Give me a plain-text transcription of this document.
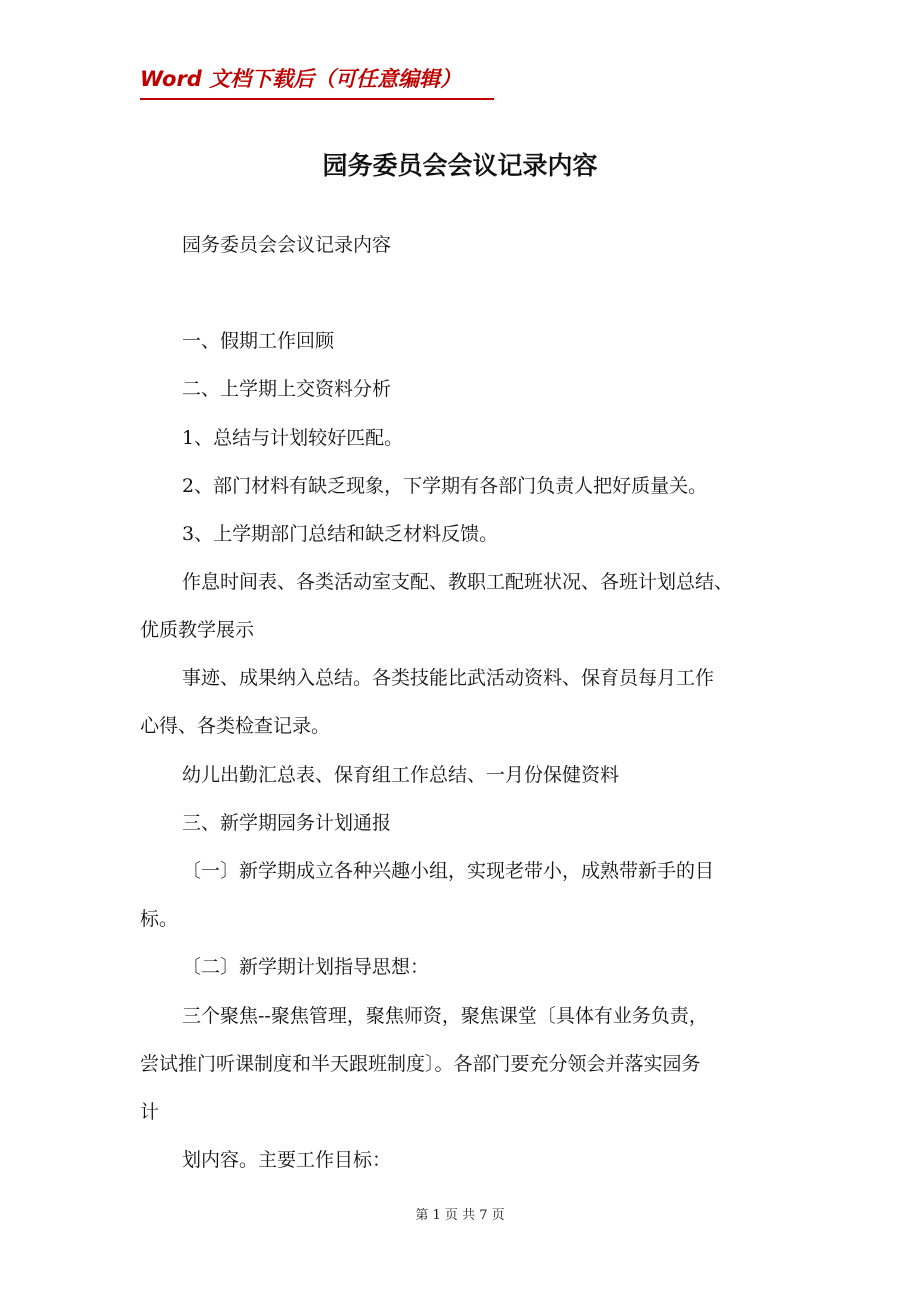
Word 文档下载后（可任意编辑）
园务委员会会议记录内容
园务委员会会议记录内容
一、假期工作回顾
二、上学期上交资料分析
1、总结与计划较好匹配。
2、部门材料有缺乏现象，下学期有各部门负责人把好质量关。
3、上学期部门总结和缺乏材料反馈。
作息时间表、各类活动室支配、教职工配班状况、各班计划总结、
优质教学展示
事迹、成果纳入总结。各类技能比武活动资料、保育员每月工作
心得、各类检查记录。
幼儿出勤汇总表、保育组工作总结、一月份保健资料
三、新学期园务计划通报
〔一〕新学期成立各种兴趣小组，实现老带小，成熟带新手的目
标。
〔二〕新学期计划指导思想：
三个聚焦--聚焦管理，聚焦师资，聚焦课堂〔具体有业务负责，
尝试推门听课制度和半天跟班制度〕。各部门要充分领会并落实园务
计
划内容。主要工作目标：
第 1 页 共 7 页
